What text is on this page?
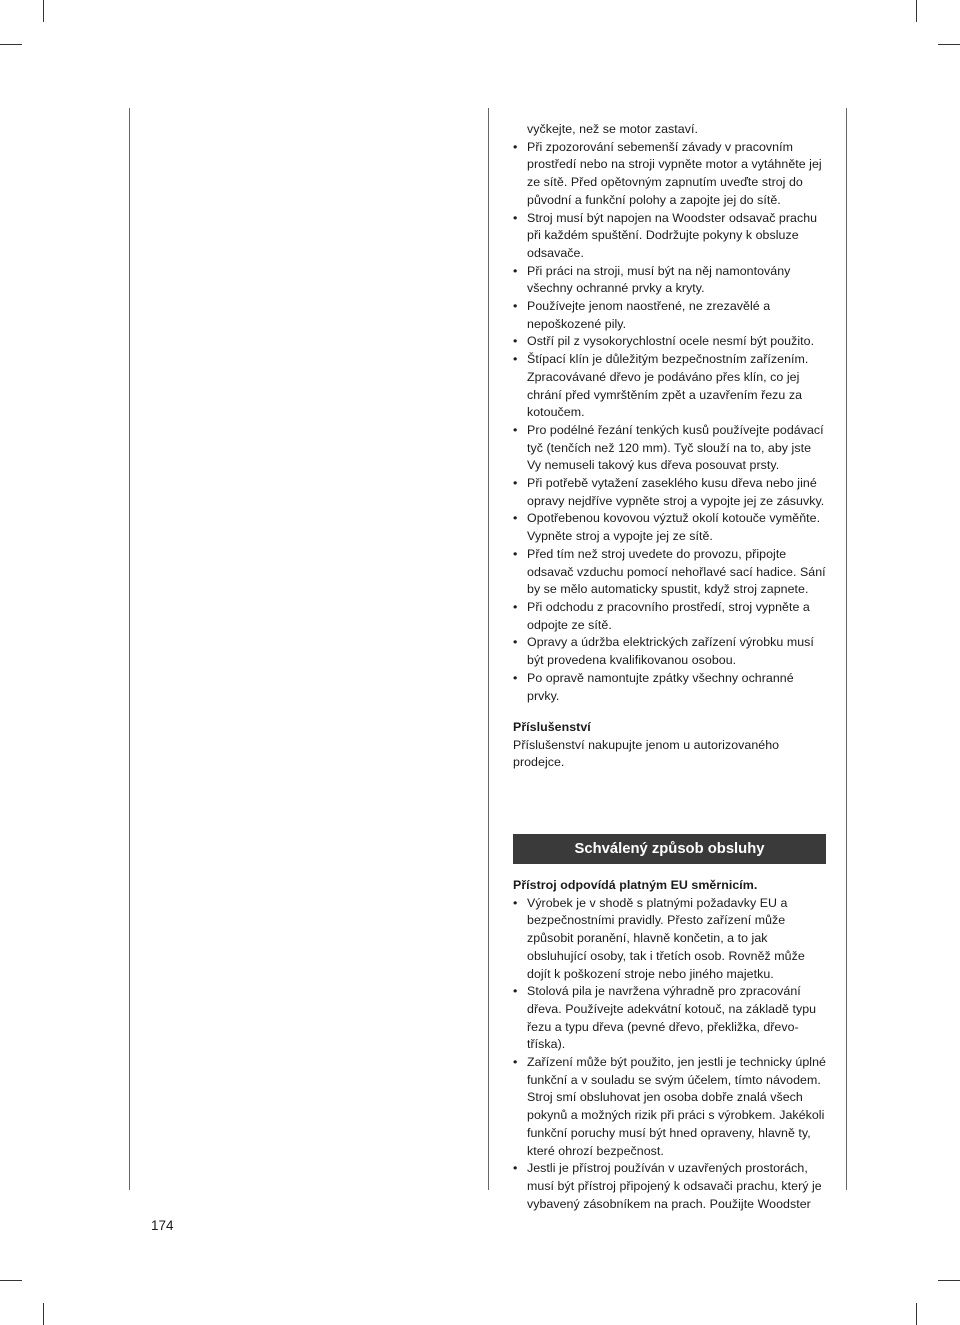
vyčkejte, než se motor zastaví.

• Při zpozorování sebemenší závady v pracovním prostředí nebo na stroji vypněte motor a vytáhněte jej ze sítě. Před opětovným zapnutím uveďte stroj do původní a funkční polohy a zapojte jej do sítě.
• Stroj musí být napojen na Woodster odsavač prachu při každém spuštění. Dodržujte pokyny k obsluze odsavače.
• Při práci na stroji, musí být na něj namontovány všechny ochranné prvky a kryty.
• Používejte jenom naostřené, ne zrezavělé a nepoškozené pily.
• Ostří pil z vysokorychlostní ocele nesmí být použito.
• Štípací klín je důležitým bezpečnostním zařízením. Zpracovávané dřevo je podáváno přes klín, co jej chrání před vymrštěním zpět a uzavřením řezu za kotoučem.
• Pro podélné řezání tenkých kusů používejte podávací tyč (tenčích než 120 mm). Tyč slouží na to, aby jste Vy nemuseli takový kus dřeva posouvat prsty.
• Při potřebě vytažení zaseklého kusu dřeva nebo jiné opravy nejdříve vypněte stroj a vypojte jej ze zásuvky.
• Opotřebenou kovovou výztuž okolí kotouče vyměňte. Vypněte stroj a vypojte jej ze sítě.
• Před tím než stroj uvedete do provozu, připojte odsavač vzduchu pomocí nehořlavé sací hadice. Sání by se mělo automaticky spustit, když stroj zapnete.
• Při odchodu z pracovního prostředí, stroj vypněte a odpojte ze sítě.
• Opravy a údržba elektrických zařízení výrobku musí být provedena kvalifikovanou osobou.
• Po opravě namontujte zpátky všechny ochranné prvky.

Příslušenství

Příslušenství nakupujte jenom u autorizovaného prodejce.

Schválený způsob obsluhy

Přístroj odpovídá platným EU směrnicím.

• Výrobek je v shodě s platnými požadavky EU a bezpečnostními pravidly. Přesto zařízení může způsobit poranění, hlavně končetin, a to jak obsluhující osoby, tak i třetích osob. Rovněž může dojít k poškození stroje nebo jiného majetku.
• Stolová pila je navržena výhradně pro zpracování dřeva. Používejte adekvátní kotouč, na základě typu řezu a typu dřeva (pevné dřevo, překližka, dřevo-tříska).
• Zařízení může být použito, jen jestli je technicky úplné funkční a v souladu se svým účelem, tímto návodem. Stroj smí obsluhovat jen osoba dobře znalá všech pokynů a možných rizik při práci s výrobkem. Jakékoli funkční poruchy musí být hned opraveny, hlavně ty, které ohrozí bezpečnost.
• Jestli je přístroj používán v uzavřených prostorách, musí být přístroj připojený k odsavači prachu, který je vybavený zásobníkem na prach. Použijte Woodster
174
